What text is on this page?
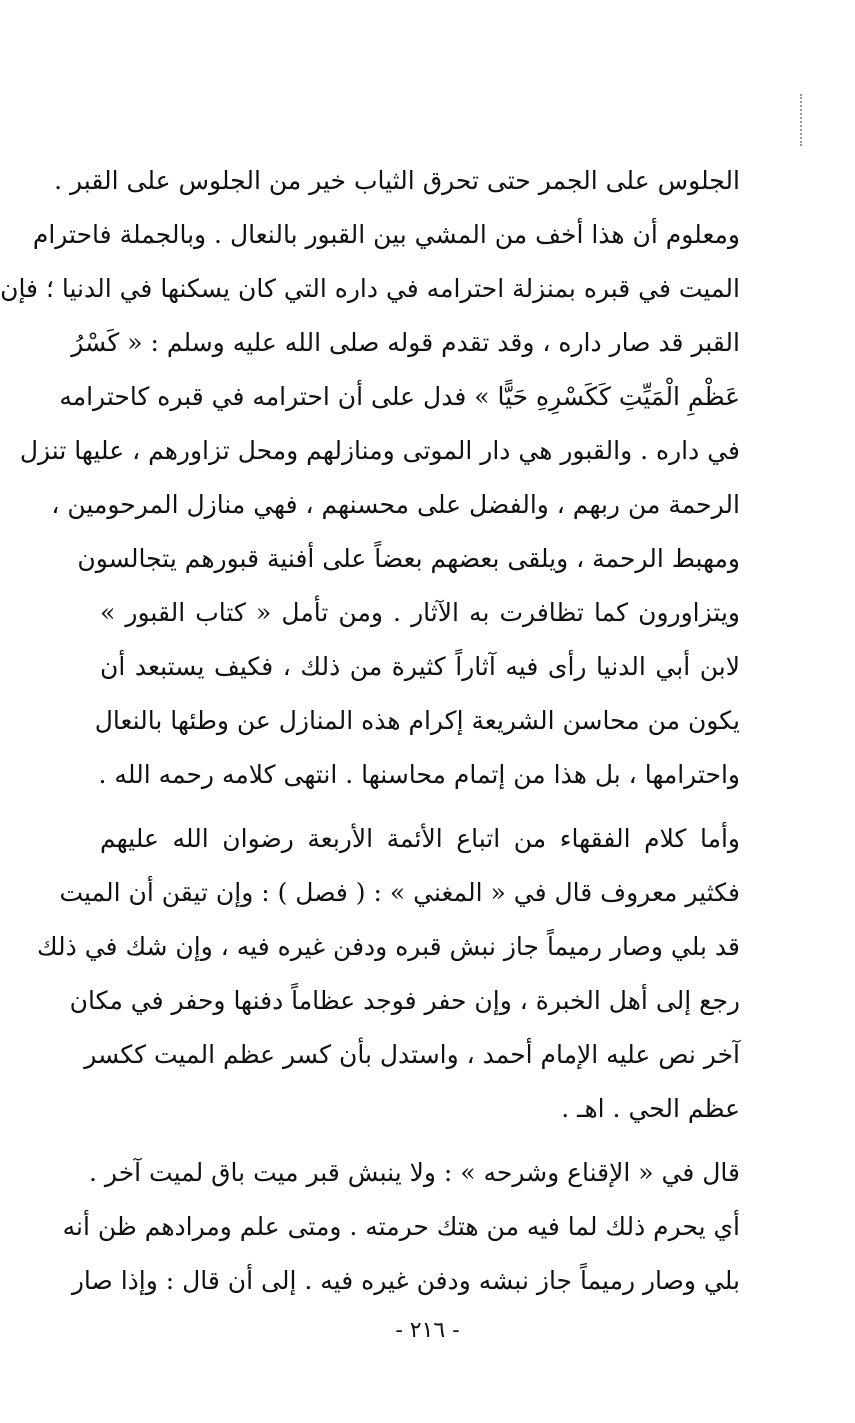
الجلوس على الجمر حتى تحرق الثياب خير من الجلوس على القبر .
ومعلوم أن هذا أخف من المشي بين القبور بالنعال . وبالجملة فاحترام
الميت في قبره بمنزلة احترامه في داره التي كان يسكنها في الدنيا ؛ فإن
القبر قد صار داره ، وقد تقدم قوله صلى الله عليه وسلم : « كَسْرُ
عَظْمِ الْمَيِّتِ كَكَسْرِهِ حَيًّا » فدل على أن احترامه في قبره كاحترامه
في داره . والقبور هي دار الموتى ومنازلهم ومحل تزاورهم ، عليها تنزل
الرحمة من ربهم ، والفضل على محسنهم ، فهي منازل المرحومين ،
ومهبط الرحمة ، ويلقى بعضهم بعضاً على أفنية قبورهم يتجالسون
ويتزاورون كما تظافرت به الآثار . ومن تأمل « كتاب القبور »
لابن أبي الدنيا رأى فيه آثاراً كثيرة من ذلك ، فكيف يستبعد أن
يكون من محاسن الشريعة إكرام هذه المنازل عن وطئها بالنعال
واحترامها ، بل هذا من إتمام محاسنها . انتهى كلامه رحمه الله .

وأما كلام الفقهاء من اتباع الأئمة الأربعة رضوان الله عليهم
فكثير معروف قال في « المغني » : ( فصل ) : وإن تيقن أن الميت
قد بلي وصار رميماً جاز نبش قبره ودفن غيره فيه ، وإن شك في ذلك
رجع إلى أهل الخبرة ، وإن حفر فوجد عظاماً دفنها وحفر في مكان
آخر نص عليه الإمام أحمد ، واستدل بأن كسر عظم الميت ككسر
عظم الحي . اهـ .

قال في « الإقناع وشرحه » : ولا ينبش قبر ميت باق لميت آخر .
أي يحرم ذلك لما فيه من هتك حرمته . ومتى علم ومرادهم ظن أنه
بلي وصار رميماً جاز نبشه ودفن غيره فيه . إلى أن قال : وإذا صار

- ٢١٦ -
